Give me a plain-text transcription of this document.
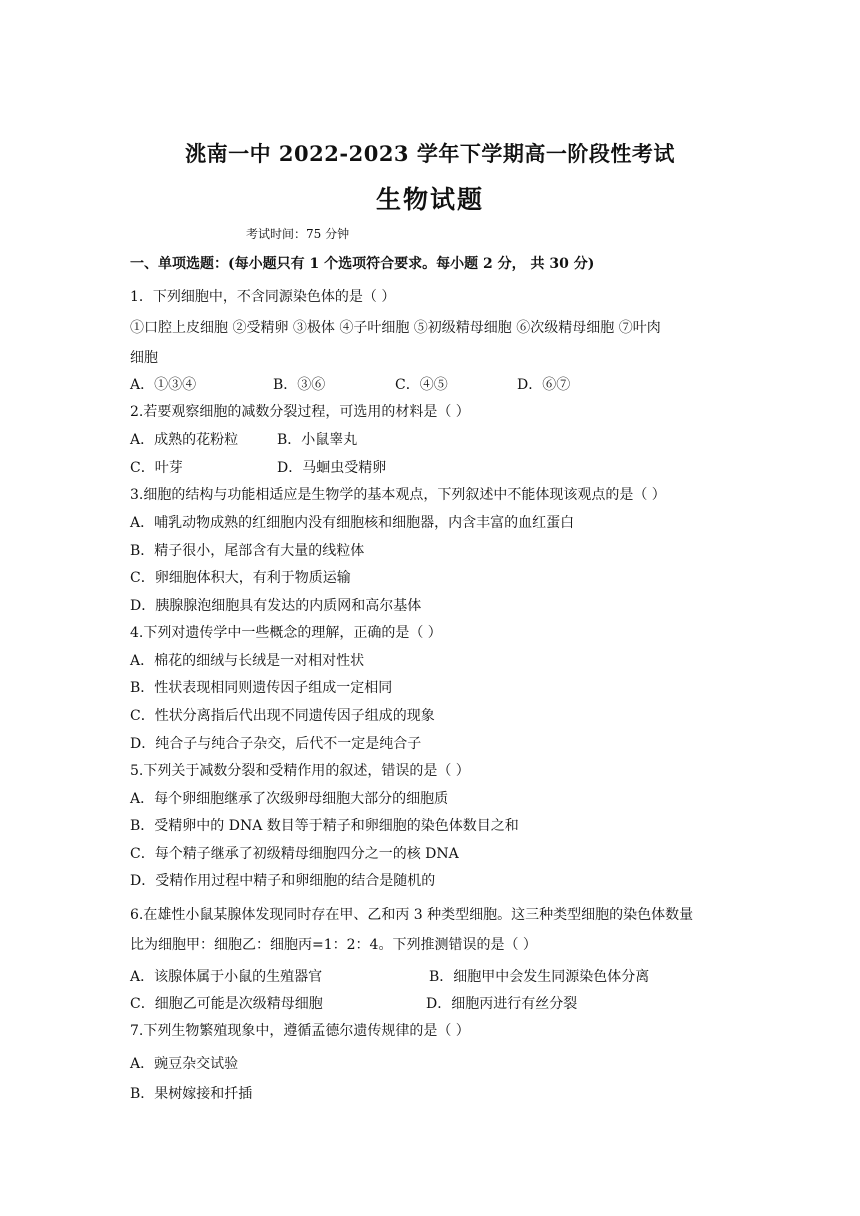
洮南一中 2022-2023 学年下学期高一阶段性考试
生物试题
考试时间：75 分钟
一、单项选题：(每小题只有 1 个选项符合要求。每小题 2 分， 共 30 分)
1．下列细胞中，不含同源染色体的是（ ）
①口腔上皮细胞 ②受精卵 ③极体 ④子叶细胞 ⑤初级精母细胞 ⑥次级精母细胞 ⑦叶肉
细胞
A．①③④	B．③⑥	C．④⑤	D．⑥⑦
2.若要观察细胞的减数分裂过程，可选用的材料是（ ）
A．成熟的花粉粒	B．小鼠睾丸
C．叶芽	D．马蛔虫受精卵
3.细胞的结构与功能相适应是生物学的基本观点，下列叙述中不能体现该观点的是（ ）
A．哺乳动物成熟的红细胞内没有细胞核和细胞器，内含丰富的血红蛋白
B．精子很小，尾部含有大量的线粒体
C．卵细胞体积大，有利于物质运输
D．胰腺腺泡细胞具有发达的内质网和高尔基体
4.下列对遗传学中一些概念的理解，正确的是（ ）
A．棉花的细绒与长绒是一对相对性状
B．性状表现相同则遗传因子组成一定相同
C．性状分离指后代出现不同遗传因子组成的现象
D．纯合子与纯合子杂交，后代不一定是纯合子
5.下列关于减数分裂和受精作用的叙述，错误的是（ ）
A．每个卵细胞继承了次级卵母细胞大部分的细胞质
B．受精卵中的 DNA 数目等于精子和卵细胞的染色体数目之和
C．每个精子继承了初级精母细胞四分之一的核 DNA
D．受精作用过程中精子和卵细胞的结合是随机的
6.在雄性小鼠某腺体发现同时存在甲、乙和丙 3 种类型细胞。这三种类型细胞的染色体数量
比为细胞甲：细胞乙：细胞丙=1：2：4。下列推测错误的是（ ）
A．该腺体属于小鼠的生殖器官	B．细胞甲中会发生同源染色体分离
C．细胞乙可能是次级精母细胞	D．细胞丙进行有丝分裂
7.下列生物繁殖现象中，遵循孟德尔遗传规律的是（ ）
A．豌豆杂交试验
B．果树嫁接和扦插
